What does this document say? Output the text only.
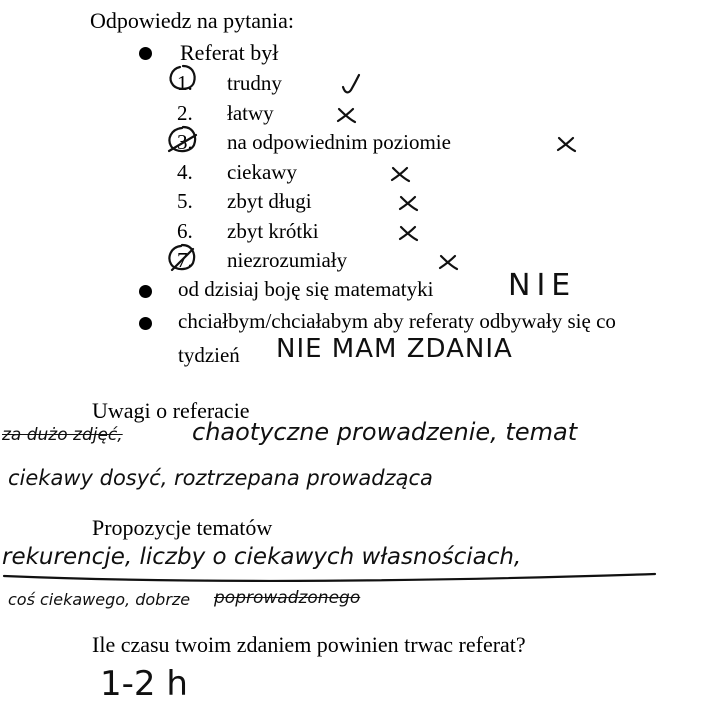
Odpowiedz na pytania:
Referat był
1. trudny
2. łatwy
3. na odpowiednim poziomie
4. ciekawy
5. zbyt długi
6. zbyt krótki
7. niezrozumiały
od dzisiaj boję się matematyki NIE
chciałbym/chciałabym aby referaty odbywały się co
tydzień NIE MAM ZDANIA
Uwagi o referacie
za dużo zdjęć,	chaotyczne prowadzenie, temat
ciekawy dosyć, roztrzepana prowadząca
Propozycje tematów
rekurencje, liczby o ciekawych własnościach,
coś ciekawego, dobrze poprowadzonego
Ile czasu twoim zdaniem powinien trwac referat?
1-2 h
